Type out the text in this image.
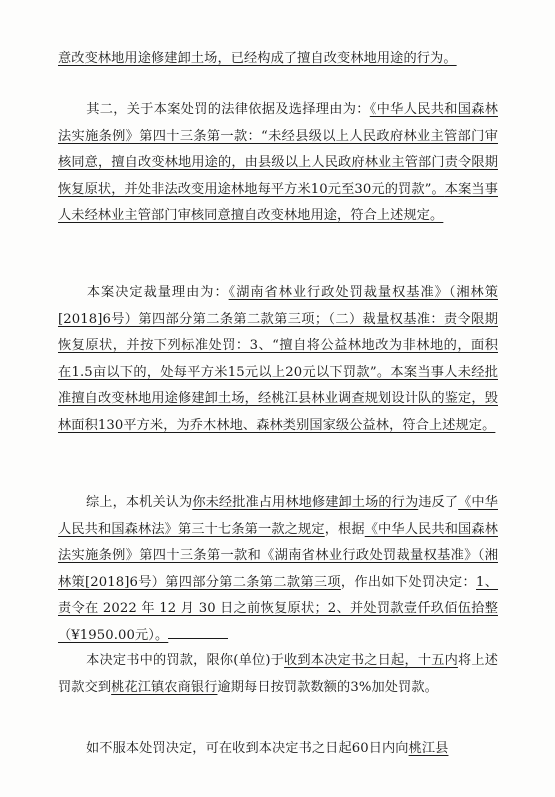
意改变林地用途修建卸土场，已经构成了擅自改变林地用途的行为。

其二，关于本案处罚的法律依据及选择理由为：《中华人民共和国森林法实施条例》第四十三条第一款：“未经县级以上人民政府林业主管部门审核同意，擅自改变林地用途的，由县级以上人民政府林业主管部门责令限期恢复原状，并处非法改变用途林地每平方米10元至30元的罚款”。本案当事人未经林业主管部门审核同意擅自改变林地用途，符合上述规定。

本案决定裁量理由为：《湖南省林业行政处罚裁量权基准》（湘林策[2018]6号）第四部分第二条第二款第三项；（二）裁量权基准：责令限期恢复原状，并按下列标准处罚：3、“擅自将公益林地改为非林地的，面积在1.5亩以下的，处每平方米15元以上20元以下罚款”。本案当事人未经批准擅自改变林地用途修建卸土场，经桃江县林业调查规划设计队的鉴定，毁林面积130平方米，为乔木林地、森林类别国家级公益林，符合上述规定。

综上，本机关认为你未经批准占用林地修建卸土场的行为违反了《中华人民共和国森林法》第三十七条第一款之规定，根据《中华人民共和国森林法实施条例》第四十三条第一款和《湖南省林业行政处罚裁量权基准》（湘林策[2018]6号）第四部分第二条第二款第三项，作出如下处罚决定：1、责令在 2022 年 12 月 30 日之前恢复原状；2、并处罚款壹仟玖佰伍拾整（¥1950.00元）。

本决定书中的罚款，限你(单位)于收到本决定书之日起，十五内将上述罚款交到桃花江镇农商银行逾期每日按罚款数额的3%加处罚款。

如不服本处罚决定，可在收到本决定书之日起60日内向桃江县
